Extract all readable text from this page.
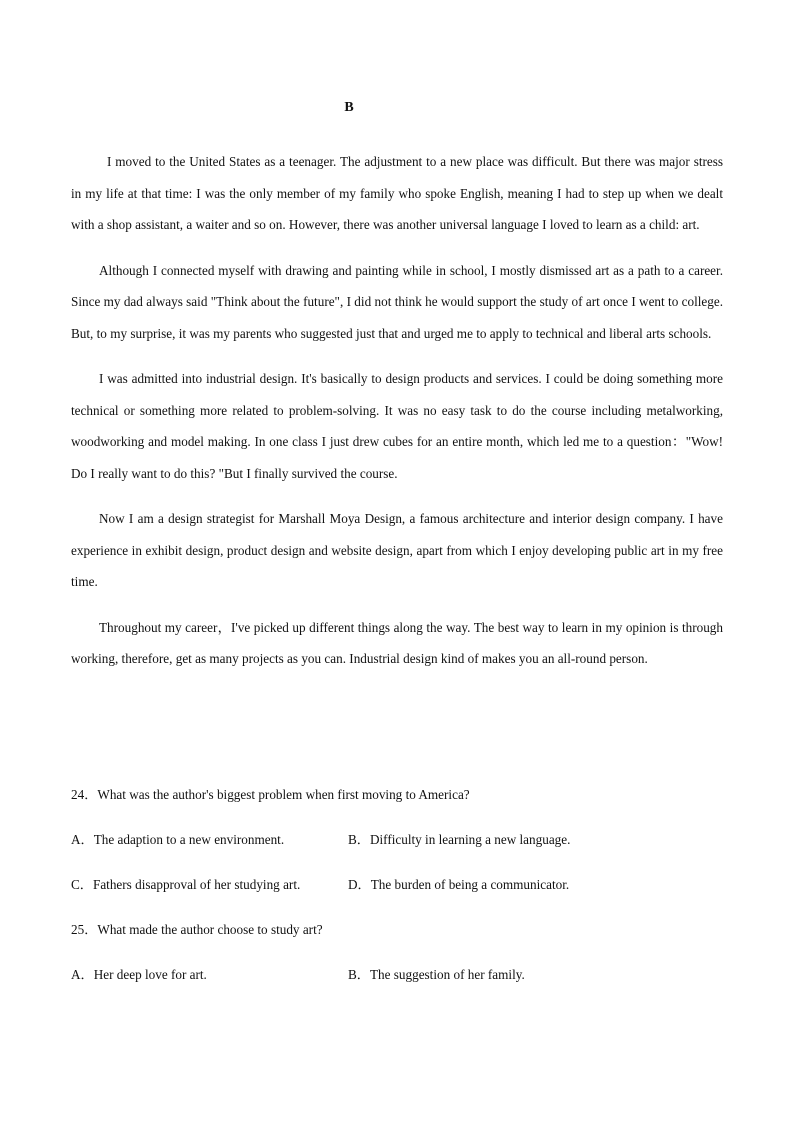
B

I moved to the United States as a teenager. The adjustment to a new place was difficult. But there was major stress in my life at that time: I was the only member of my family who spoke English, meaning I had to step up when we dealt with a shop assistant, a waiter and so on. However, there was another universal language I loved to learn as a child: art.

Although I connected myself with drawing and painting while in school, I mostly dismissed art as a path to a career. Since my dad always said "Think about the future", I did not think he would support the study of art once I went to college. But, to my surprise, it was my parents who suggested just that and urged me to apply to technical and liberal arts schools.

I was admitted into industrial design. It's basically to design products and services. I could be doing something more technical or something more related to problem-solving. It was no easy task to do the course including metalworking, woodworking and model making. In one class I just drew cubes for an entire month, which led me to a question："Wow! Do I really want to do this? "But I finally survived the course.

Now I am a design strategist for Marshall Moya Design, a famous architecture and interior design company. I have experience in exhibit design, product design and website design, apart from which I enjoy developing public art in my free time.

Throughout my career，I've picked up different things along the way. The best way to learn in my opinion is through working, therefore, get as many projects as you can. Industrial design kind of makes you an all-round person.

24．What was the author's biggest problem when first moving to America?
A．The adaption to a new environment.	B．Difficulty in learning a new language.
C．Fathers disapproval of her studying art.	D．The burden of being a communicator.
25．What made the author choose to study art?
A．Her deep love for art.	B．The suggestion of her family.
